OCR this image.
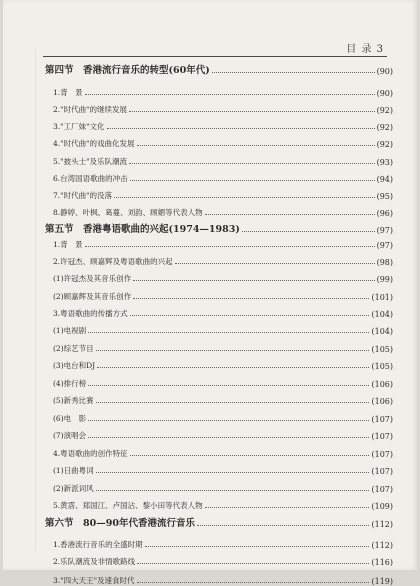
目 录 3
第四节　香港流行音乐的转型(60年代)	(90)
1.背　景	(90)
2."时代曲"的继续发展	(92)
3."工厂妹"文化	(92)
4."时代曲"的戏曲化发展	(92)
5."披头士"及乐队潮流	(93)
6.台湾国语歌曲的冲击	(94)
7."时代曲"的没落	(95)
8.静婷、叶枫、葛蔓、刘韵、顾媚等代表人物	(96)
第五节　香港粤语歌曲的兴起(1974—1983)	(97)
1.背　景	(97)
2.许冠杰、顾嘉辉及粤语歌曲的兴起	(98)
(1)许冠杰及其音乐创作	(99)
(2)顾嘉辉及其音乐创作	(101)
3.粤语歌曲的传播方式	(104)
(1)电视剧	(104)
(2)综艺节目	(105)
(3)电台和DJ	(105)
(4)排行榜	(106)
(5)新秀比赛	(106)
(6)电　影	(107)
(7)演唱会	(107)
4.粤语歌曲的创作特征	(107)
(1)日曲粤词	(107)
(2)新派词风	(107)
5.黄霑、郑国江、卢国沾、黎小田等代表人物	(109)
第六节　80—90年代香港流行音乐	(112)
1.香港流行音乐的全盛时期	(112)
2.乐队潮流及非情歌路线	(116)
3."四大天王"及速食时代	(119)
